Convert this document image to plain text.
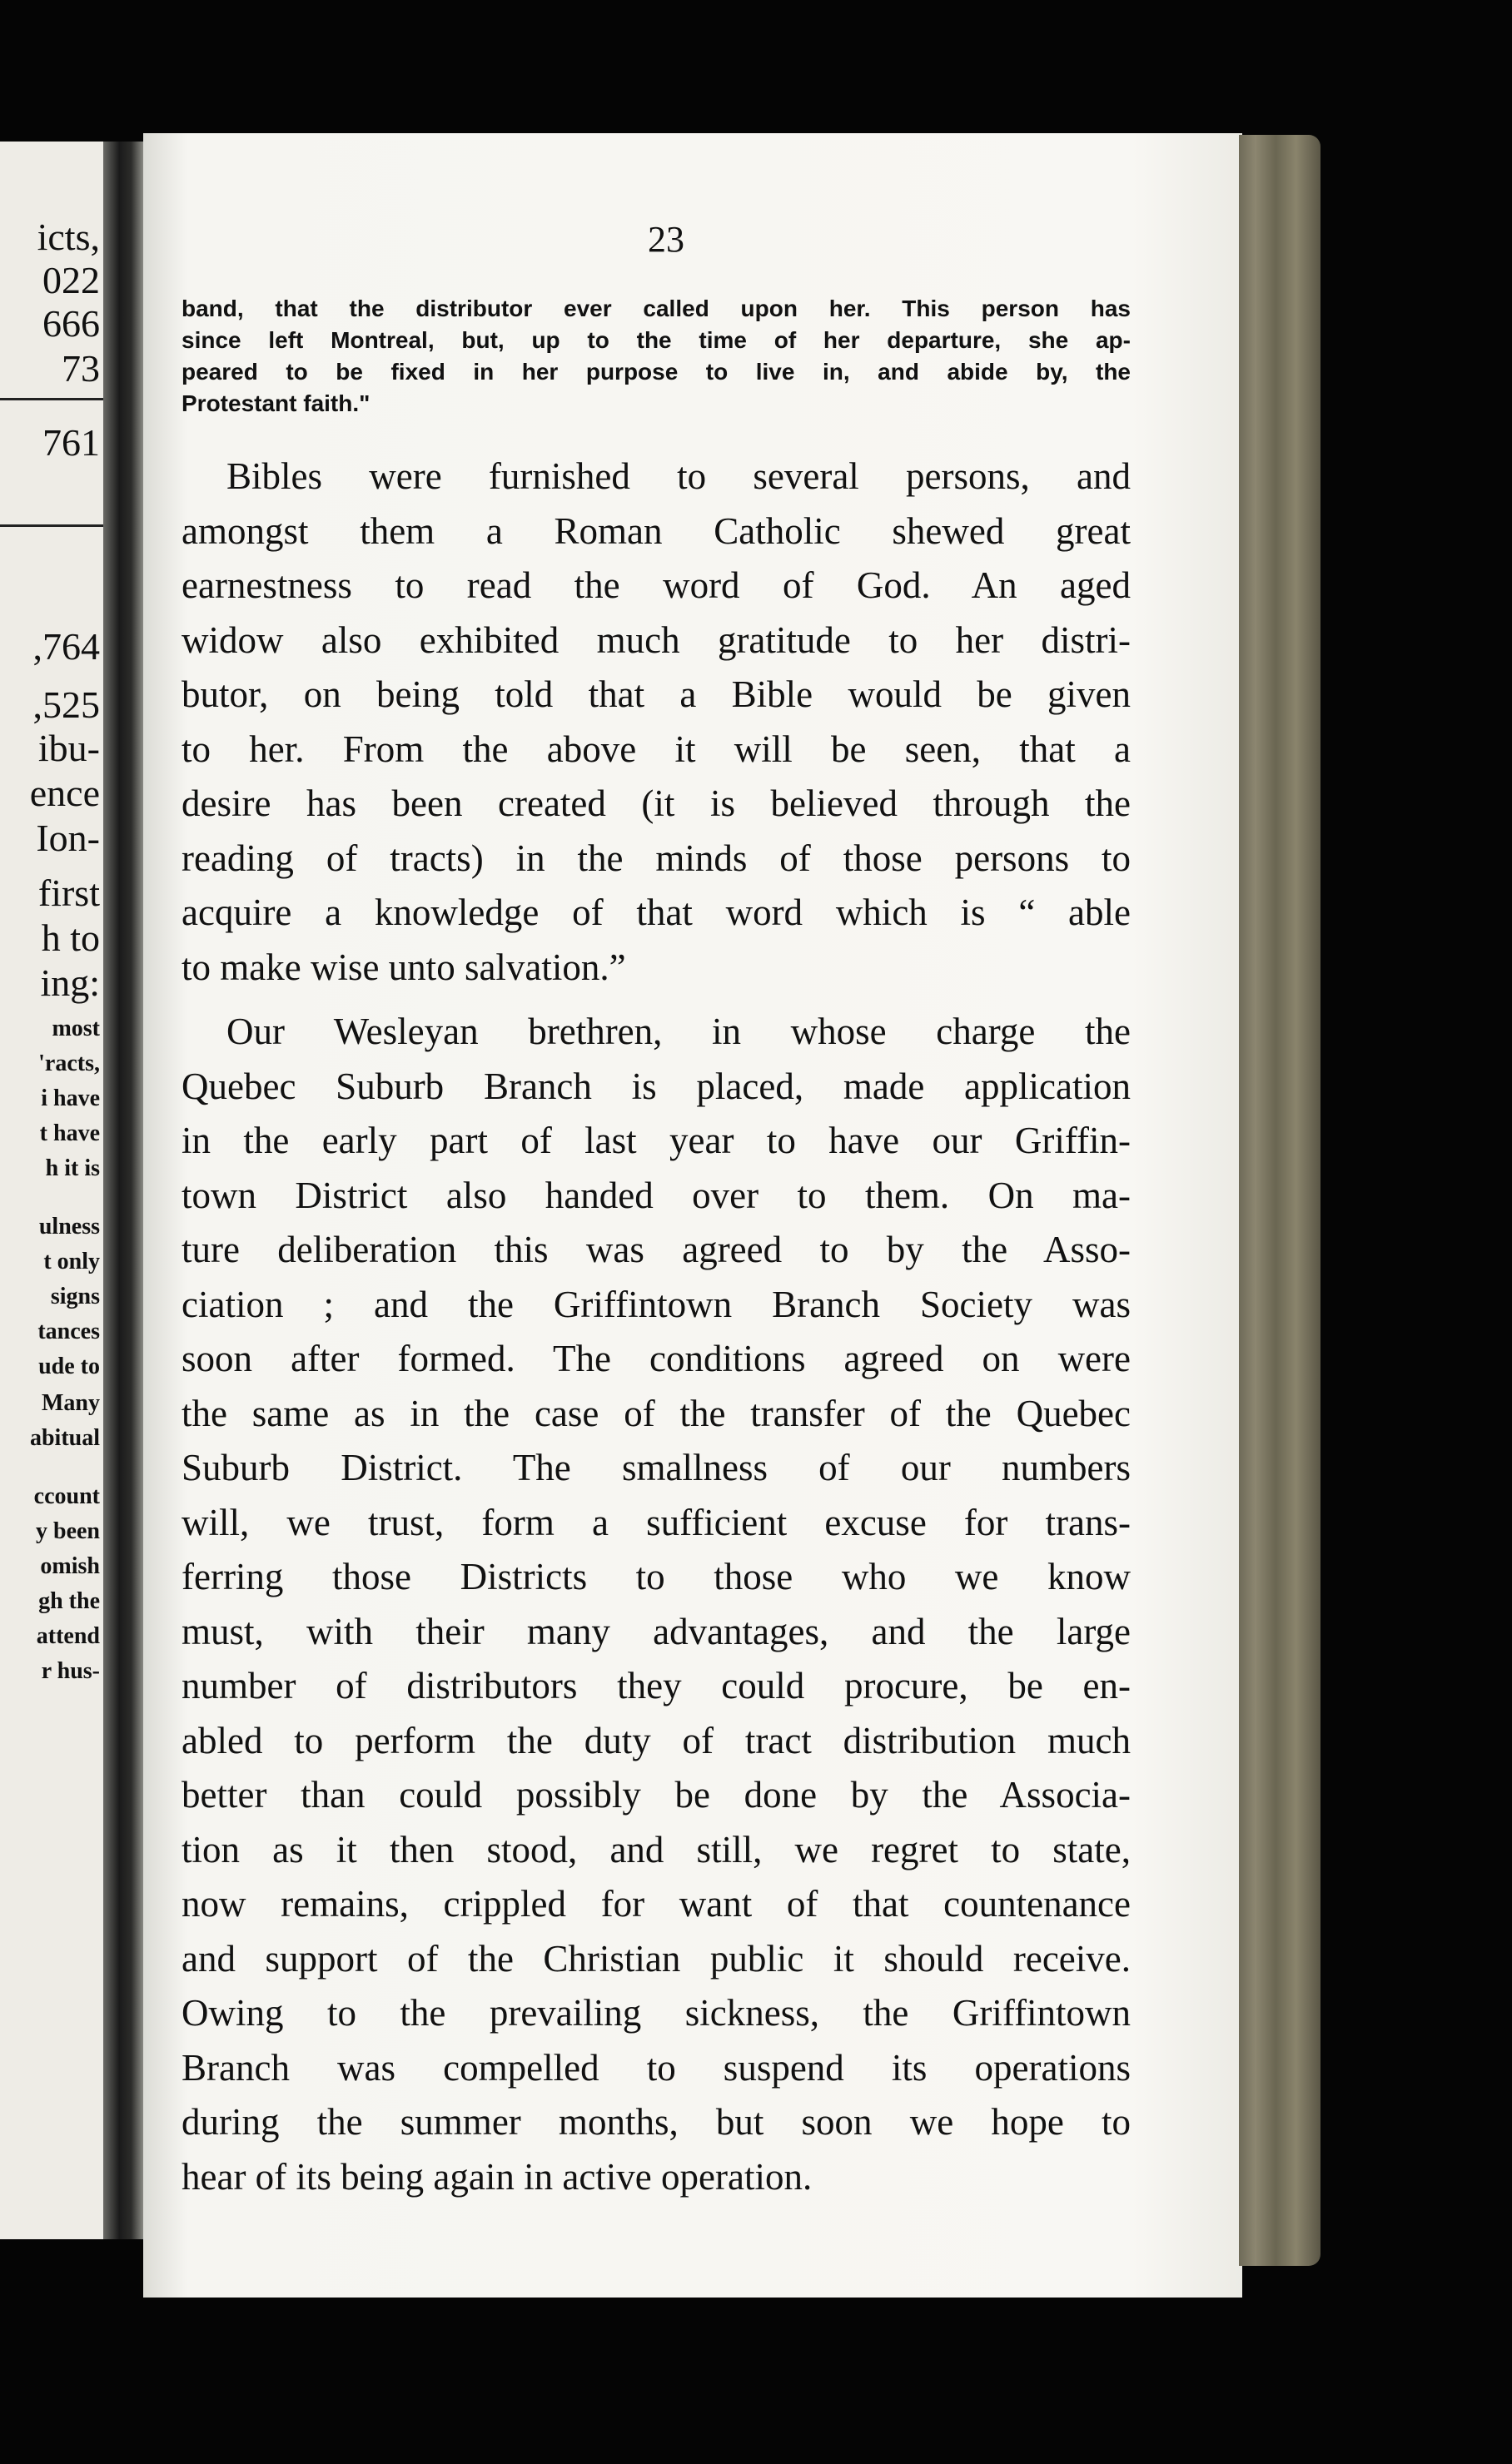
icts,
022
666
73
761
,764
,525
ibu-
ence
Ion-
first
h to
ing:
most
'racts,
i have
t have
h it is
ulness
t only
signs
tances
ude to
Many
abitual
ccount
y been
omish
gh the
attend
r hus-
23
band, that the distributor ever called upon her. This person has
since left Montreal, but, up to the time of her departure, she ap-
peared to be fixed in her purpose to live in, and abide by, the
Protestant faith."
Bibles were furnished to several persons, and
amongst them a Roman Catholic shewed great
earnestness to read the word of God. An aged
widow also exhibited much gratitude to her distri-
butor, on being told that a Bible would be given
to her. From the above it will be seen, that a
desire has been created (it is believed through the
reading of tracts) in the minds of those persons to
acquire a knowledge of that word which is “ able
to make wise unto salvation.”
Our Wesleyan brethren, in whose charge the
Quebec Suburb Branch is placed, made application
in the early part of last year to have our Griffin-
town District also handed over to them. On ma-
ture deliberation this was agreed to by the Asso-
ciation ; and the Griffintown Branch Society was
soon after formed. The conditions agreed on were
the same as in the case of the transfer of the Quebec
Suburb District. The smallness of our numbers
will, we trust, form a sufficient excuse for trans-
ferring those Districts to those who we know
must, with their many advantages, and the large
number of distributors they could procure, be en-
abled to perform the duty of tract distribution much
better than could possibly be done by the Associa-
tion as it then stood, and still, we regret to state,
now remains, crippled for want of that countenance
and support of the Christian public it should receive.
Owing to the prevailing sickness, the Griffintown
Branch was compelled to suspend its operations
during the summer months, but soon we hope to
hear of its being again in active operation.
